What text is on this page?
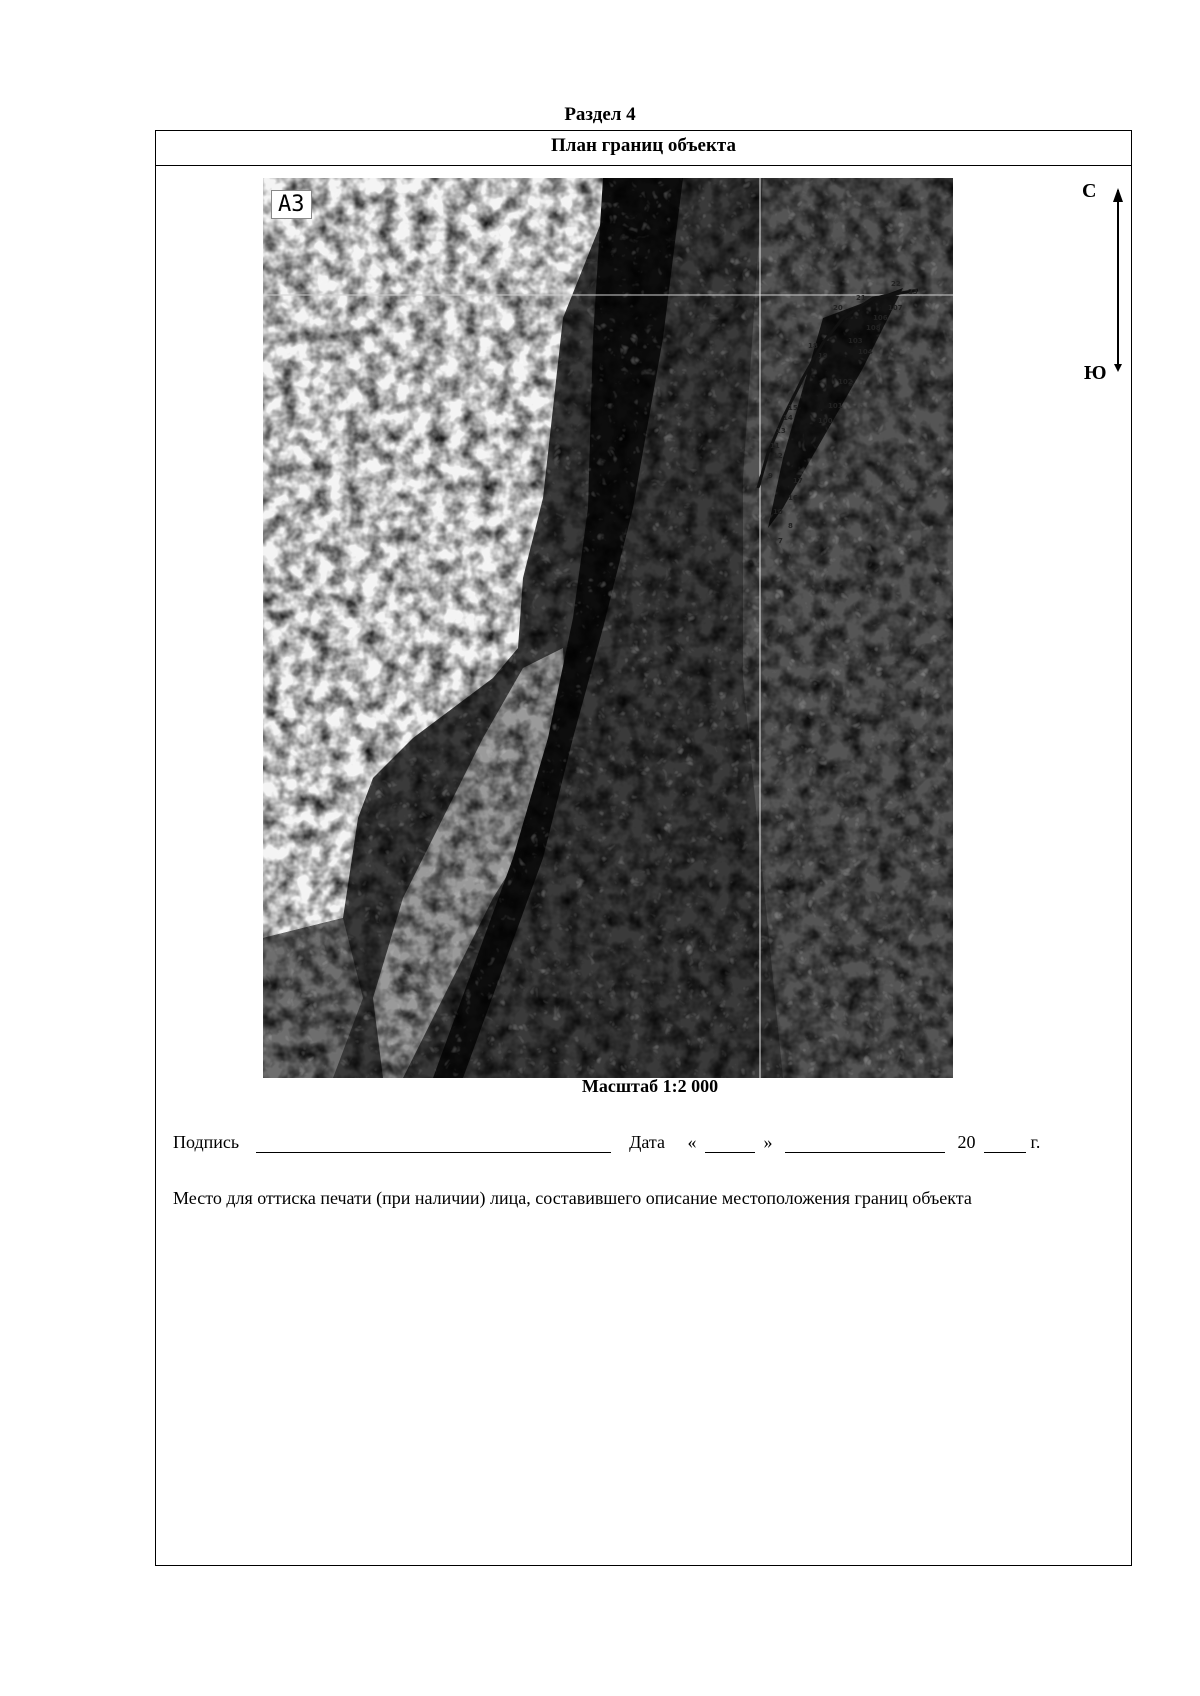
Раздел 4
План границ объекта
20
21
22
23
106
107
108
103
104
18
19
102
101
100
13
14
15
11
12
9
17
16
10
8
7
А3
С
Ю
Масштаб 1:2 000
Подпись	Дата «	»	20	г.
Место для оттиска печати (при наличии) лица, составившего описание местоположения границ объекта
